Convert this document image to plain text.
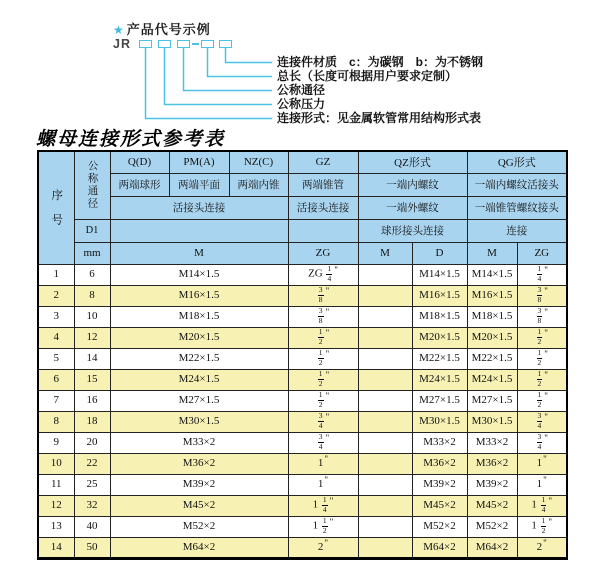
★ 产品代号示例
JR
连接件材质　c：为碳钢　b：为不锈钢
总长（长度可根据用户要求定制）
公称通径
公称压力
连接形式：见金属软管常用结构形式表
螺母连接形式参考表
序号	公称通径	Q(D)	PM(A)	NZ(C)	GZ	QZ形式		QG形式	
		两端球形	两端平面	两端内锥	两端锥管	一端内螺纹		一端内螺纹活接头	
		活接头连接			活接头连接	一端外螺纹		一端锥管螺纹接头	
	D1					球形接头连接		连接	
	mm	M			ZG	M	D	M	ZG
1	6	M14×1.5			ZG $\frac{1}{4} ^"$		M14×1.5	M14×1.5	$\frac{1}{4} ^"$
2	8	M16×1.5			$\frac{3}{8} ^"$		M16×1.5	M16×1.5	$\frac{3}{8} ^"$
3	10	M18×1.5			$\frac{3}{8} ^"$		M18×1.5	M18×1.5	$\frac{3}{8} ^"$
4	12	M20×1.5			$\frac{1}{2} ^"$		M20×1.5	M20×1.5	$\frac{1}{2} ^"$
5	14	M22×1.5			$\frac{1}{2} ^"$		M22×1.5	M22×1.5	$\frac{1}{2} ^"$
6	15	M24×1.5			$\frac{1}{2} ^"$		M24×1.5	M24×1.5	$\frac{1}{2} ^"$
7	16	M27×1.5			$\frac{1}{2} ^"$		M27×1.5	M27×1.5	$\frac{1}{2} ^"$
8	18	M30×1.5			$\frac{3}{4} ^"$		M30×1.5	M30×1.5	$\frac{3}{4} ^"$
9	20	M33×2			$\frac{3}{4} ^"$		M33×2	M33×2	$\frac{3}{4} ^"$
10	22	M36×2			1"		M36×2	M36×2	1"
11	25	M39×2			1"		M39×2	M39×2	1"
12	32	M45×2			$1 \frac{1}{4} ^"$		M45×2	M45×2	$1 \frac{1}{4} ^"$
13	40	M52×2			$1 \frac{1}{2} ^"$		M52×2	M52×2	$1 \frac{1}{2} ^"$
14	50	M64×2			2"		M64×2	M64×2	2"
